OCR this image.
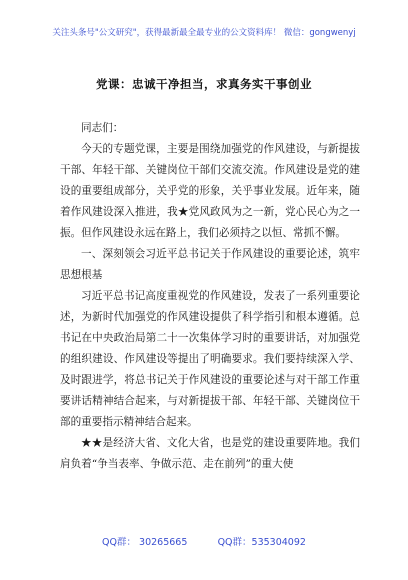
关注头条号"公文研究"，获得最新最全最专业的公文资料库！ 微信：gongwenyj
党课：忠诚干净担当，求真务实干事创业

同志们：

今天的专题党课，主要是围绕加强党的作风建设，与新提拔干部、年轻干部、关键岗位干部们交流交流。作风建设是党的建设的重要组成部分，关乎党的形象，关乎事业发展。近年来，随着作风建设深入推进，我★党风政风为之一新，党心民心为之一振。但作风建设永远在路上，我们必须持之以恒、常抓不懈。

一、深刻领会习近平总书记关于作风建设的重要论述，筑牢思想根基

习近平总书记高度重视党的作风建设，发表了一系列重要论述，为新时代加强党的作风建设提供了科学指引和根本遵循。总书记在中央政治局第二十一次集体学习时的重要讲话，对加强党的组织建设、作风建设等提出了明确要求。我们要持续深入学、及时跟进学，将总书记关于作风建设的重要论述与对干部工作重要讲话精神结合起来，与对新提拔干部、年轻干部、关键岗位干部的重要指示精神结合起来。

★★是经济大省、文化大省，也是党的建设重要阵地。我们肩负着“争当表率、争做示范、走在前列”的重大使

QQ群： 30265665          QQ群：535304092
